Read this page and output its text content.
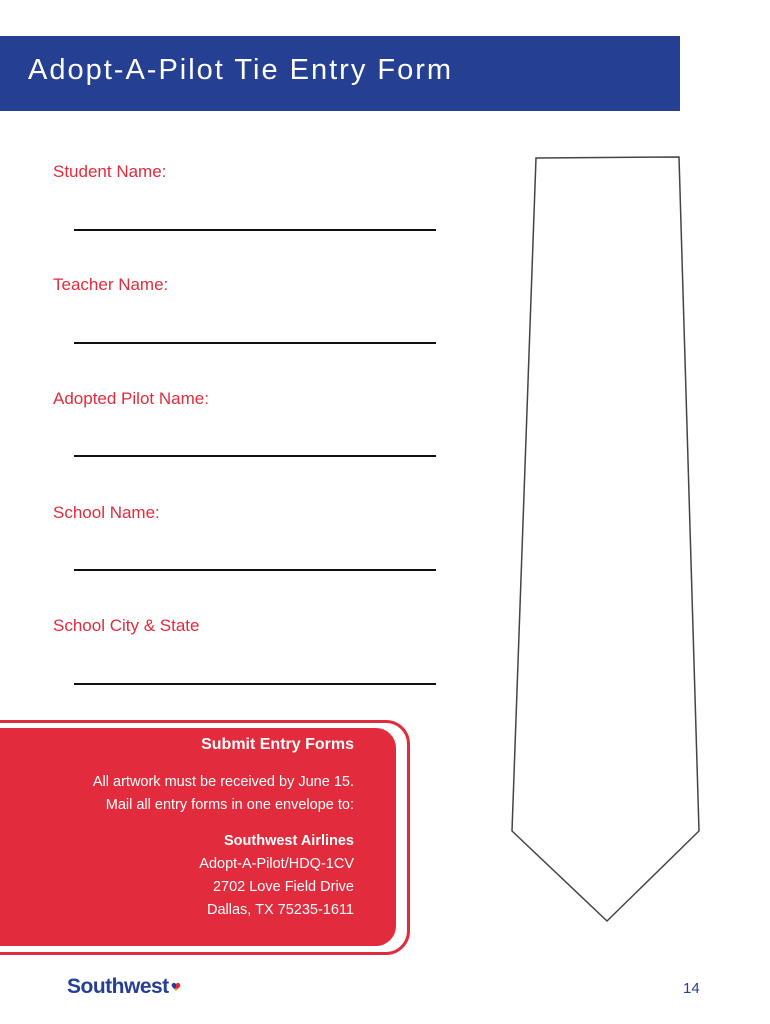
Adopt-A-Pilot Tie Entry Form

Student Name:

Teacher Name:

Adopted Pilot Name:

School Name:

School City & State

Submit Entry Forms

All artwork must be received by June 15.
Mail all entry forms in one envelope to:

Southwest Airlines

Adopt-A-Pilot/HDQ-1CV
2702 Love Field Drive
Dallas, TX 75235-1611

Southwest	14
